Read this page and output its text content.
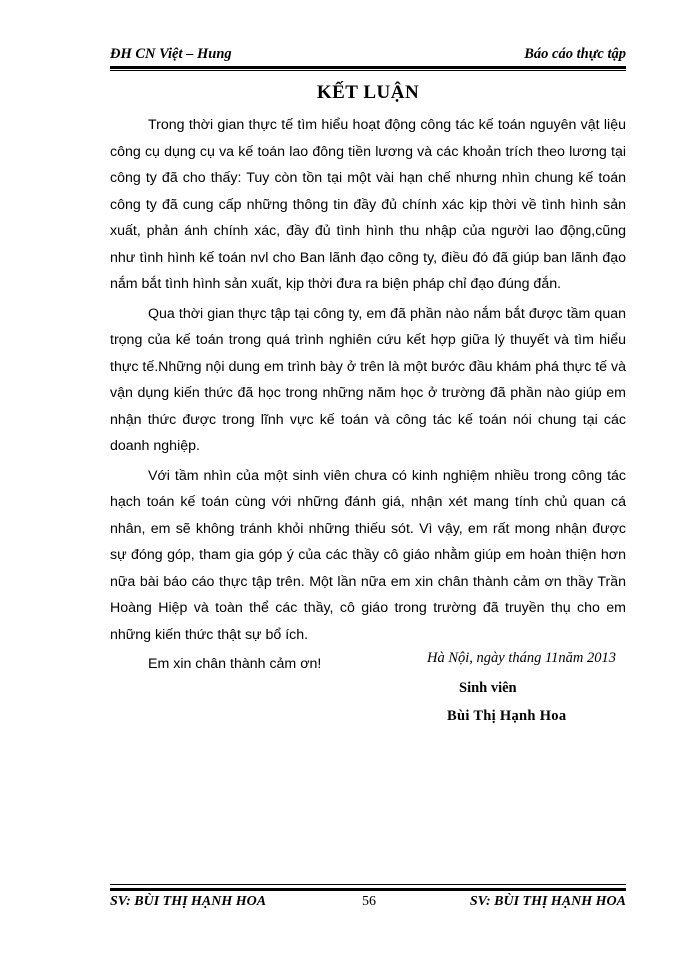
ĐH CN Việt – Hung	Báo cáo thực tập
KẾT LUẬN

Trong thời gian thực tế tìm hiểu hoạt động công tác kế toán nguyên vật liệu công cụ dụng cụ va kế toán lao đông tiền lương và các khoản trích theo lương tại công ty đã cho thấy: Tuy còn tồn tại một vài hạn chế nhưng nhìn chung kế toán công ty đã cung cấp những thông tin đầy đủ chính xác kịp thời về tình hình sản xuất, phản ánh chính xác, đầy đủ tình hình thu nhập của người lao động,cũng như tình hình kế toán nvl cho Ban lãnh đạo công ty, điều đó đã giúp ban lãnh đạo nắm bắt tình hình sản xuất, kịp thời đưa ra biện pháp chỉ đạo đúng đắn.

Qua thời gian thực tập tại công ty, em đã phần nào nắm bắt được tầm quan trọng của kế toán trong quá trình nghiên cứu kết hợp giữa lý thuyết và tìm hiểu thực tế.Những nội dung em trình bày ở trên là một bước đầu khám phá thực tế và vận dụng kiến thức đã học trong những năm học ở trường đã phần nào giúp em nhận thức được trong lĩnh vực kế toán và công tác kế toán nói chung tại các doanh nghiệp.

Với tầm nhìn của một sinh viên chưa có kinh nghiệm nhiều trong công tác hạch toán kế toán cùng với những đánh giá, nhận xét mang tính chủ quan cá nhân, em sẽ không tránh khỏi những thiếu sót. Vì vậy, em rất mong nhận được sự đóng góp, tham gia góp ý của các thầy cô giáo nhằm giúp em hoàn thiện hơn nữa bài báo cáo thực tập trên. Một lần nữa em xin chân thành cảm ơn thầy Trần Hoàng Hiệp và toàn thể các thầy, cô giáo trong trường đã truyền thụ cho em những kiến thức thật sự bổ ích.

Em xin chân thành cảm ơn!	Hà Nội, ngày tháng 11năm 2013
Sinh viên
Bùi Thị Hạnh Hoa
SV: BÙI THỊ HẠNH HOA	56	SV: BÙI THỊ HẠNH HOA
